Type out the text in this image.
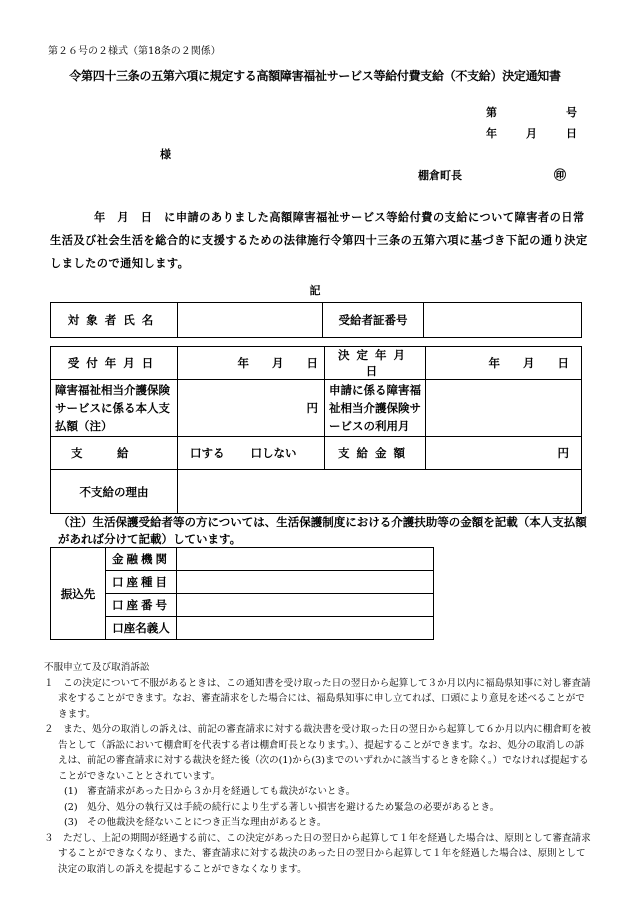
第２６号の２様式（第18条の２関係）
令第四十三条の五第六項に規定する高額障害福祉サービス等給付費支給（不支給）決定通知書
第	号
年	月	日
様
棚倉町長	㊞
年　月　日　に申請のありました高額障害福祉サービス等給付費の支給について障害者の日常生活及び社会生活を総合的に支援するための法律施行令第四十三条の五第六項に基づき下記の通り決定しましたので通知します。
記
対象者氏名		受給者証番号	
受付年月日	年　　月　　日	決定年月日	年　　月　　日
障害福祉相当介護保険サービスに係る本人支払額（注）	円	申請に係る障害福祉相当介護保険サービスの利用月	
支　　　給	口する 口しない	支給金額	円
不支給の理由			
（注）生活保護受給者等の方については、生活保護制度における介護扶助等の金額を記載（本人支払額があれば分けて記載）しています。
振込先	金融機関	
	口座種目	
	口座番号	
	口座名義人	
不服申立て及び取消訴訟
１　この決定について不服があるときは、この通知書を受け取った日の翌日から起算して３か月以内に福島県知事に対し審査請求をすることができます。なお、審査請求をした場合には、福島県知事に申し立てれば、口頭により意見を述べることができます。
２　また、処分の取消しの訴えは、前記の審査請求に対する裁決書を受け取った日の翌日から起算して６か月以内に棚倉町を被告として（訴訟において棚倉町を代表する者は棚倉町長となります。）、提起することができます。なお、処分の取消しの訴えは、前記の審査請求に対する裁決を経た後（次の(1)から(3)までのいずれかに該当するときを除く。）でなければ提起することができないこととされています。
(1)　審査請求があった日から３か月を経過しても裁決がないとき。
(2)　処分、処分の執行又は手続の続行により生ずる著しい損害を避けるため緊急の必要があるとき。
(3)　その他裁決を経ないことにつき正当な理由があるとき。
３　ただし、上記の期間が経過する前に、この決定があった日の翌日から起算して１年を経過した場合は、原則として審査請求することができなくなり、また、審査請求に対する裁決のあった日の翌日から起算して１年を経過した場合は、原則として決定の取消しの訴えを提起することができなくなります。
